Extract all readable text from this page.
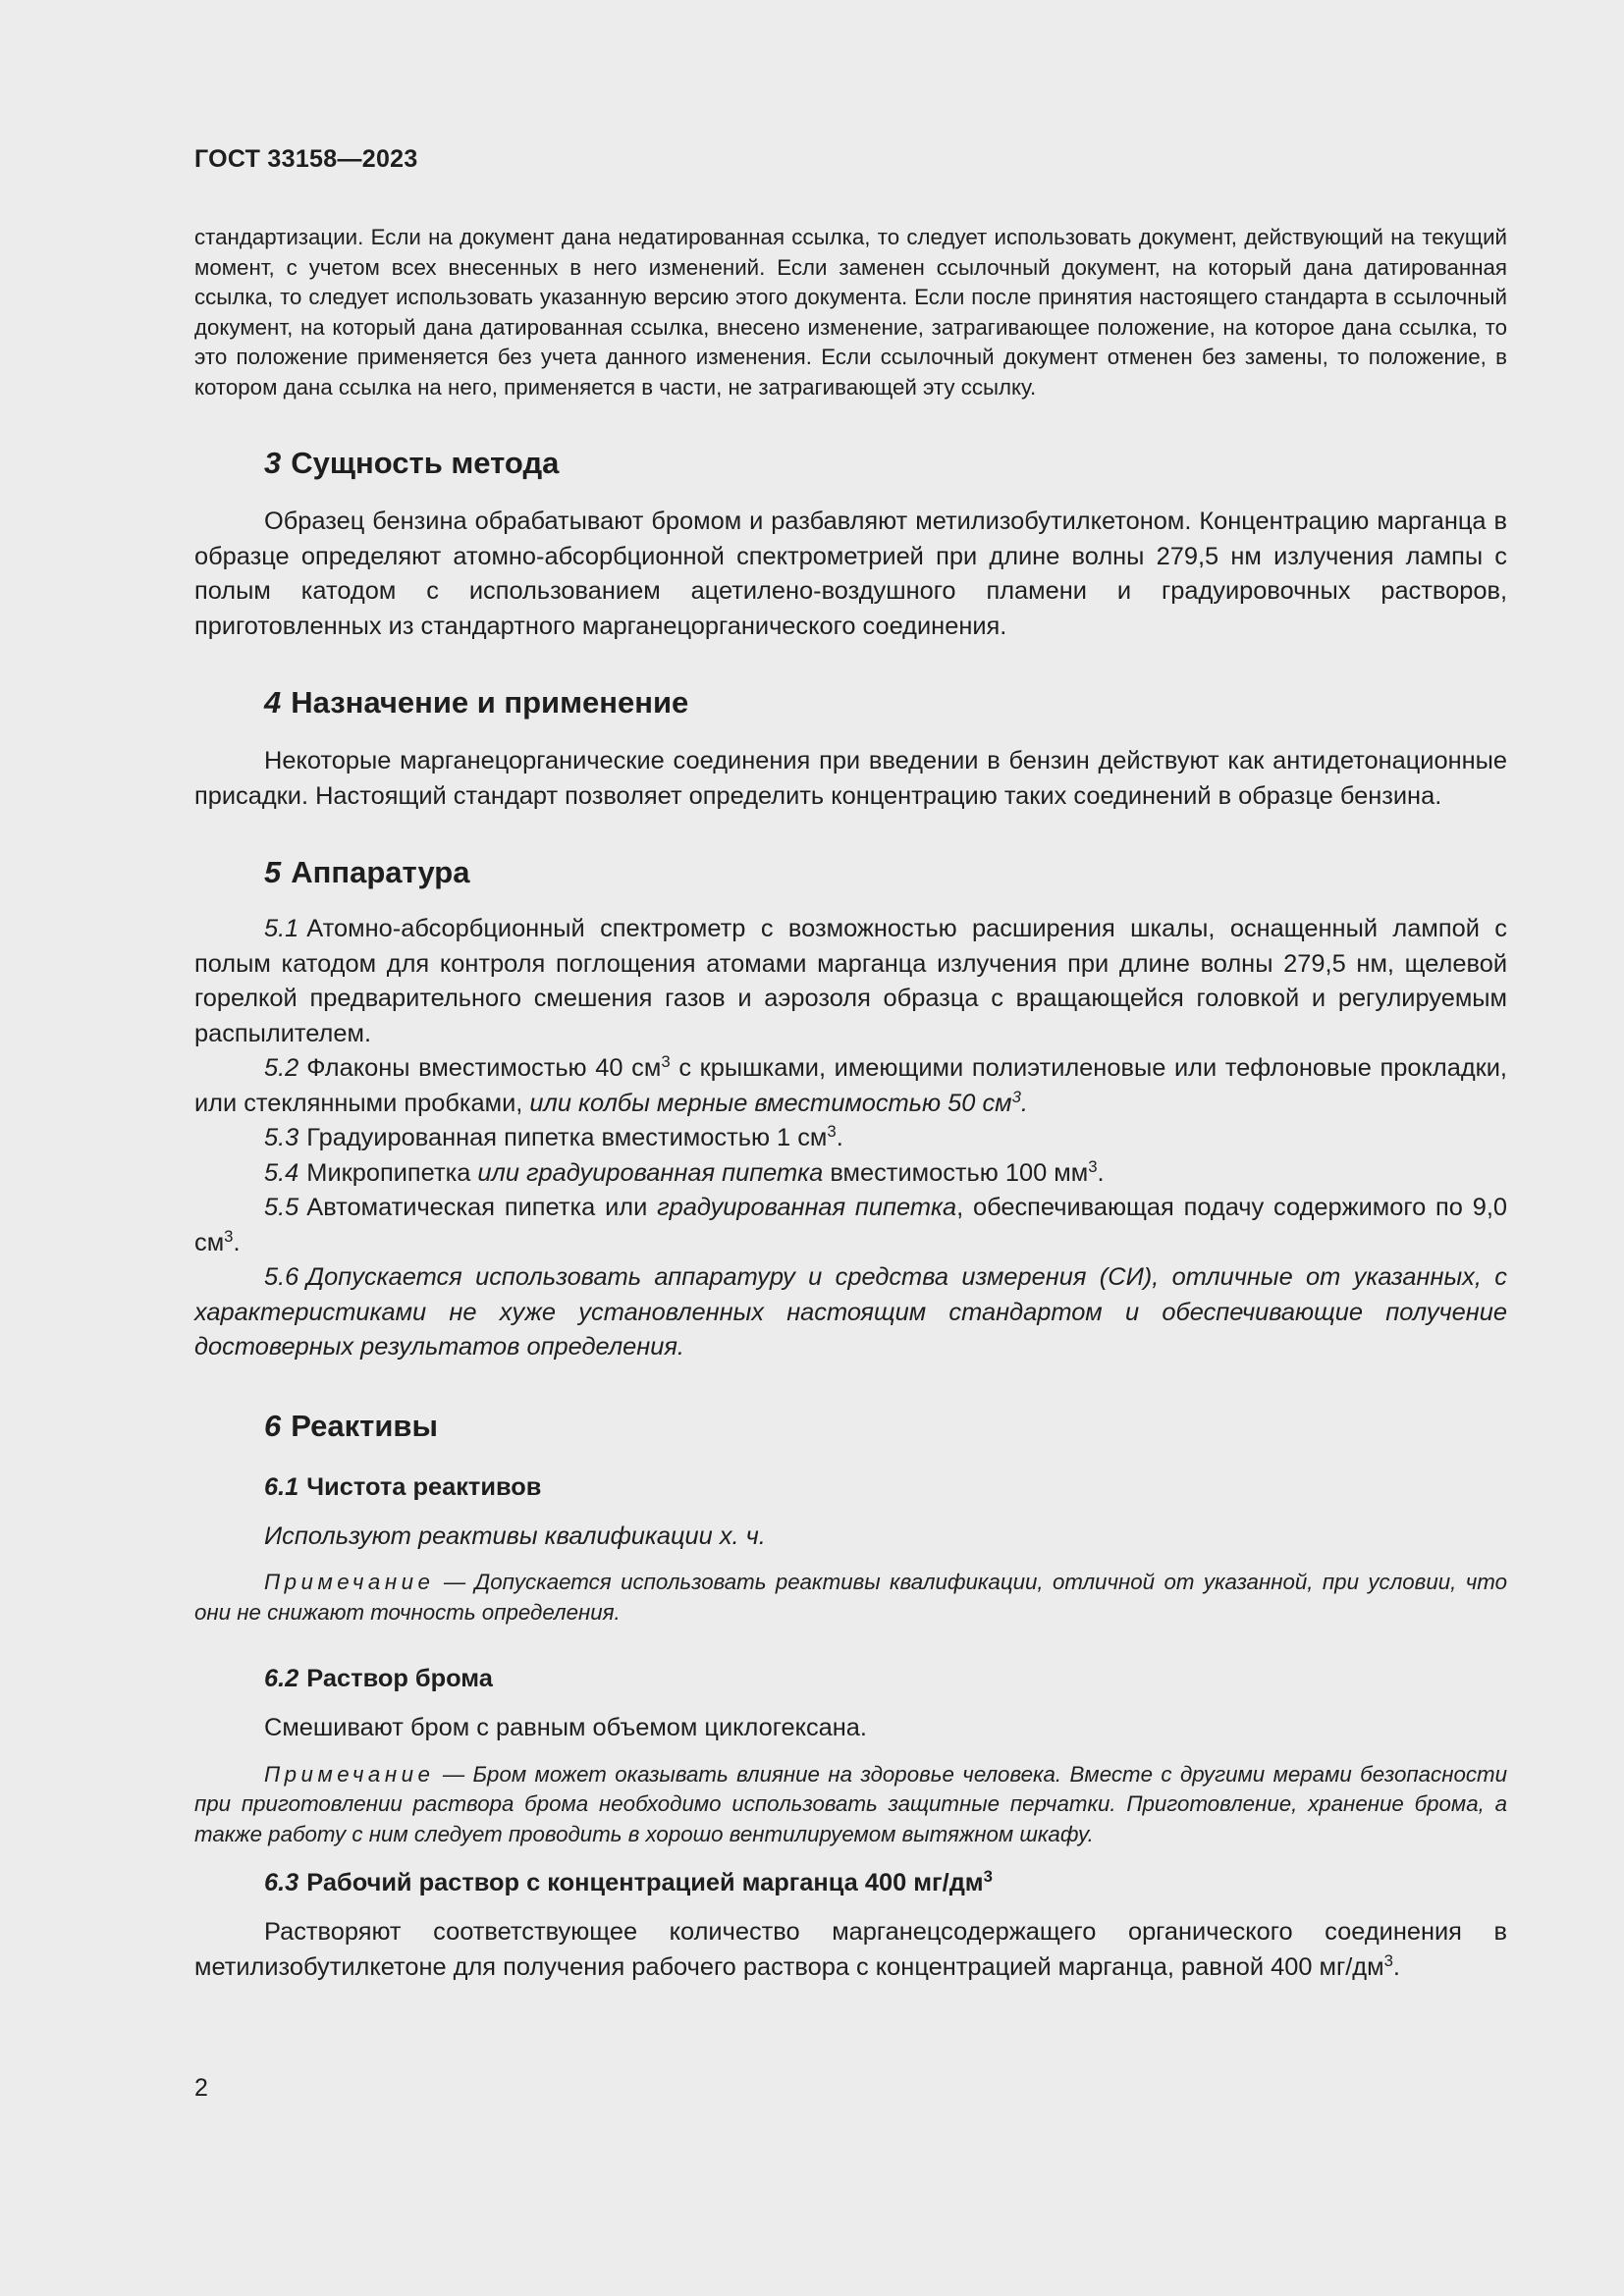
ГОСТ 33158—2023

стандартизации. Если на документ дана недатированная ссылка, то следует использовать документ, действующий на текущий момент, с учетом всех внесенных в него изменений. Если заменен ссылочный документ, на который дана датированная ссылка, то следует использовать указанную версию этого документа. Если после принятия настоящего стандарта в ссылочный документ, на который дана датированная ссылка, внесено изменение, затрагивающее положение, на которое дана ссылка, то это положение применяется без учета данного изменения. Если ссылочный документ отменен без замены, то положение, в котором дана ссылка на него, применяется в части, не затрагивающей эту ссылку.

3 Сущность метода

Образец бензина обрабатывают бромом и разбавляют метилизобутилкетоном. Концентрацию марганца в образце определяют атомно-абсорбционной спектрометрией при длине волны 279,5 нм излучения лампы с полым катодом с использованием ацетилено-воздушного пламени и градуировочных растворов, приготовленных из стандартного марганецорганического соединения.

4 Назначение и применение

Некоторые марганецорганические соединения при введении в бензин действуют как антидетонационные присадки. Настоящий стандарт позволяет определить концентрацию таких соединений в образце бензина.

5 Аппаратура

5.1 Атомно-абсорбционный спектрометр с возможностью расширения шкалы, оснащенный лампой с полым катодом для контроля поглощения атомами марганца излучения при длине волны 279,5 нм, щелевой горелкой предварительного смешения газов и аэрозоля образца с вращающейся головкой и регулируемым распылителем.

5.2 Флаконы вместимостью 40 $см^3$ с крышками, имеющими полиэтиленовые или тефлоновые прокладки, или стеклянными пробками, или колбы мерные вместимостью 50 $см^3$.

5.3 Градуированная пипетка вместимостью 1 $см^3$.

5.4 Микропипетка или градуированная пипетка вместимостью 100 $мм^3$.

5.5 Автоматическая пипетка или градуированная пипетка, обеспечивающая подачу содержимого по 9,0 $см^3$.

5.6 Допускается использовать аппаратуру и средства измерения (СИ), отличные от указанных, с характеристиками не хуже установленных настоящим стандартом и обеспечивающие получение достоверных результатов определения.

6 Реактивы
6.1 Чистота реактивов

Используют реактивы квалификации х. ч.

Примечание — Допускается использовать реактивы квалификации, отличной от указанной, при условии, что они не снижают точность определения.

6.2 Раствор брома

Смешивают бром с равным объемом циклогексана.

Примечание — Бром может оказывать влияние на здоровье человека. Вместе с другими мерами безопасности при приготовлении раствора брома необходимо использовать защитные перчатки. Приготовление, хранение брома, а также работу с ним следует проводить в хорошо вентилируемом вытяжном шкафу.

6.3 Рабочий раствор с концентрацией марганца 400 $мг/дм^3$

Растворяют соответствующее количество марганецсодержащего органического соединения в метилизобутилкетоне для получения рабочего раствора с концентрацией марганца, равной 400 $мг/дм^3$.

2
